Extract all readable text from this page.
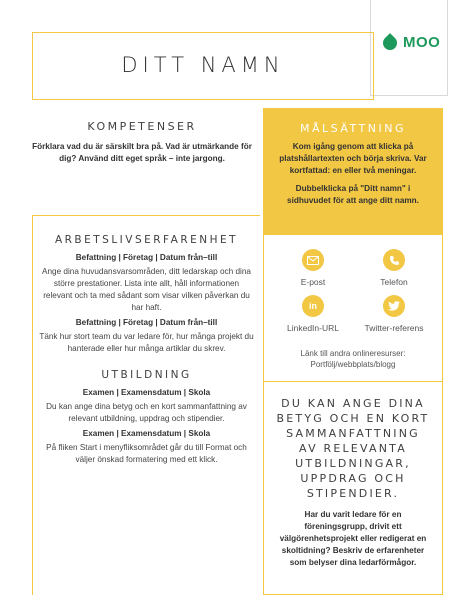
MOO
DITT NAMN
KOMPETENSER
Förklara vad du är särskilt bra på. Vad är utmärkande för dig? Använd ditt eget språk – inte jargong.
MÅLSÄTTNING
Kom igång genom att klicka på platshållartexten och börja skriva. Var kortfattad: en eller två meningar.
Dubbelklicka på "Ditt namn" i sidhuvudet för att ange ditt namn.
ARBETSLIVSERFARENHET
Befattning | Företag | Datum från–till
Ange dina huvudansvarsområden, ditt ledarskap och dina större prestationer. Lista inte allt, håll informationen relevant och ta med sådant som visar vilken påverkan du har haft.
Befattning | Företag | Datum från–till
Tänk hur stort team du var ledare för, hur många projekt du hanterade eller hur många artiklar du skrev.
UTBILDNING
Examen | Examensdatum | Skola
Du kan ange dina betyg och en kort sammanfattning av relevant utbildning, uppdrag och stipendier.
Examen | Examensdatum | Skola
På fliken Start i menyfliksområdet går du till Format och väljer önskad formatering med ett klick.
E-post	Telefon
in
LinkedIn-URL	Twitter-referens
Länk till andra onlineresurser: Portfölj/webbplats/blogg
DU KAN ANGE DINA BETYG OCH EN KORT SAMMANFATTNING AV RELEVANTA UTBILDNINGAR, UPPDRAG OCH STIPENDIER.
Har du varit ledare för en föreningsgrupp, drivit ett välgörenhetsprojekt eller redigerat en skoltidning? Beskriv de erfarenheter som belyser dina ledarförmågor.
